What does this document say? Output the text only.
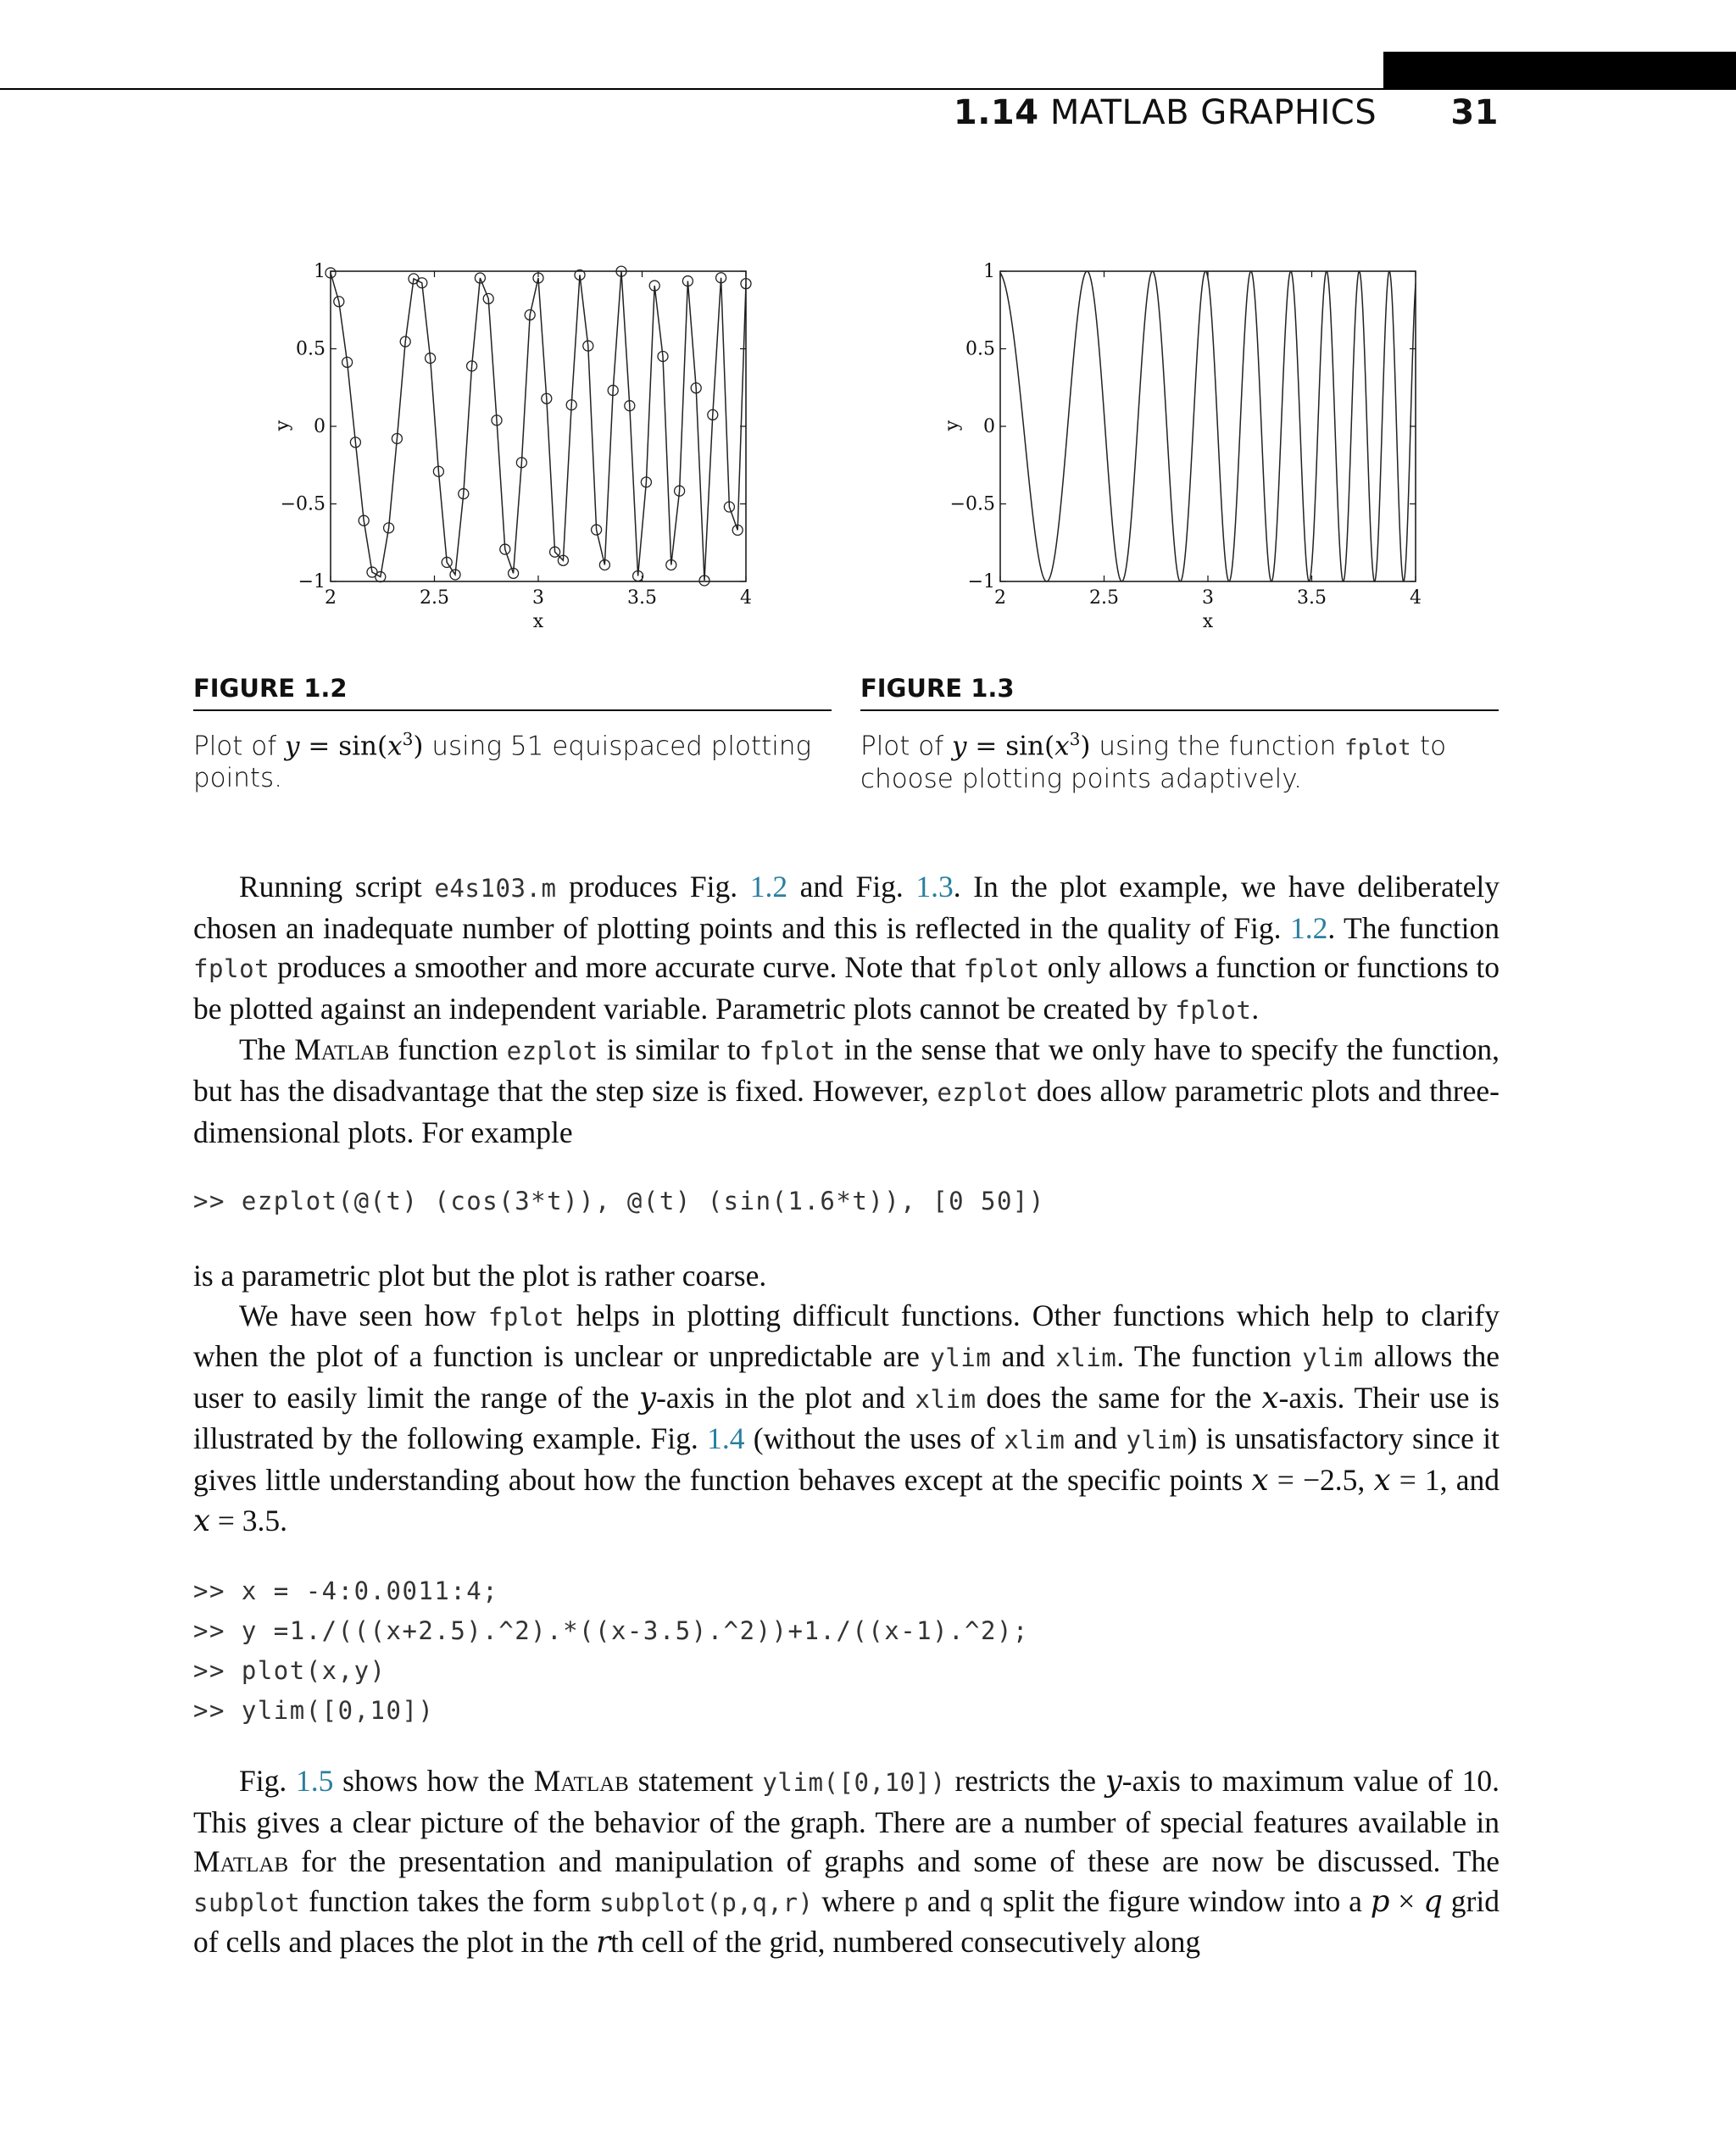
1.14 MATLAB GRAPHICS 31
2	2.5	3	3.5	4
1
0.5
0
−0.5
−1
y
x
2	2.5	3	3.5	4
1
0.5
0
−0.5
−1
y
x
FIGURE 1.2
Plot of $y = \sin(x^3)$ using 51 equispaced plotting points.
FIGURE 1.3
Plot of $y = \sin(x^3)$ using the function fplot to choose plotting points adaptively.

Running script e4s103.m produces Fig. 1.2 and Fig. 1.3. In the plot example, we have deliberately chosen an inadequate number of plotting points and this is reflected in the quality of Fig. 1.2. The function fplot produces a smoother and more accurate curve. Note that fplot only allows a function or functions to be plotted against an independent variable. Parametric plots cannot be created by fplot.

The Matlab function ezplot is similar to fplot in the sense that we only have to specify the function, but has the disadvantage that the step size is fixed. However, ezplot does allow parametric plots and three-dimensional plots. For example

>> ezplot(@(t) (cos(3*t)), @(t) (sin(1.6*t)), [0 50])

is a parametric plot but the plot is rather coarse.

We have seen how fplot helps in plotting difficult functions. Other functions which help to clarify when the plot of a function is unclear or unpredictable are ylim and xlim. The function ylim allows the user to easily limit the range of the y-axis in the plot and xlim does the same for the x-axis. Their use is illustrated by the following example. Fig. 1.4 (without the uses of xlim and ylim) is unsatisfactory since it gives little understanding about how the function behaves except at the specific points x = −2.5, x = 1, and x = 3.5.

>> x = -4:0.0011:4;
>> y =1./(((x+2.5).^2).*((x-3.5).^2))+1./((x-1).^2);
>> plot(x,y)
>> ylim([0,10])

Fig. 1.5 shows how the Matlab statement ylim([0,10]) restricts the y-axis to maximum value of 10. This gives a clear picture of the behavior of the graph. There are a number of special features available in Matlab for the presentation and manipulation of graphs and some of these are now be discussed. The subplot function takes the form subplot(p,q,r) where p and q split the figure window into a p × q grid of cells and places the plot in the rth cell of the grid, numbered consecutively along
